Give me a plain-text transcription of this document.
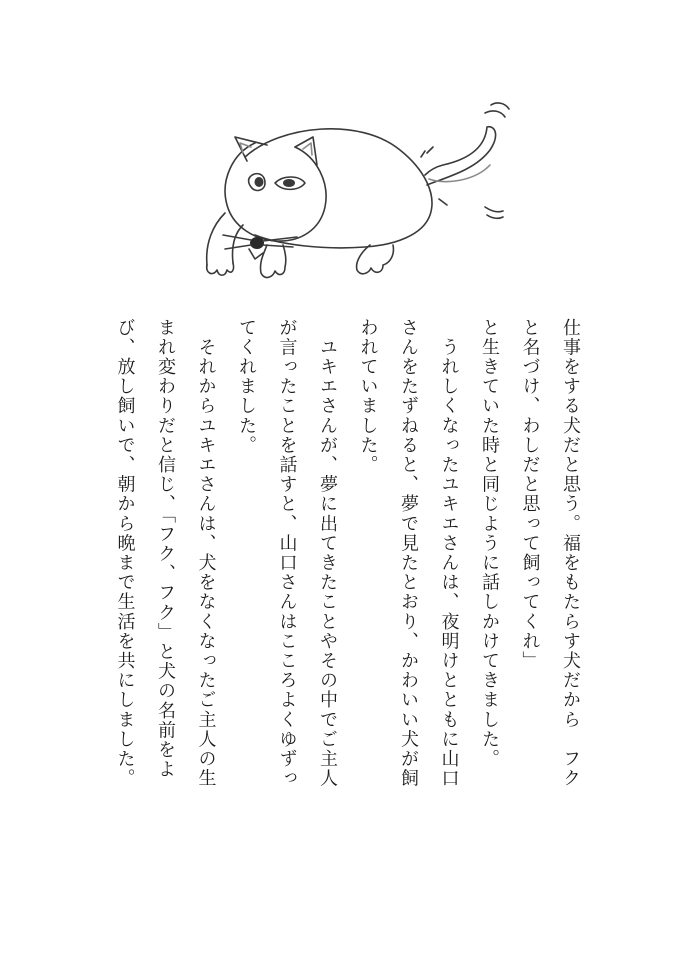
仕事をする犬だと思う。福をもたらす犬だから　フク
と名づけ、わしだと思って飼ってくれ」
と生きていた時と同じように話しかけてきました。
　うれしくなったユキエさんは、夜明けとともに山口
さんをたずねると、夢で見たとおり、かわいい犬が飼
われていました。
　ユキエさんが、夢に出てきたことやその中でご主人
が言ったことを話すと、山口さんはこころよくゆずっ
てくれました。
　それからユキエさんは、犬をなくなったご主人の生
まれ変わりだと信じ、「フク、フク」と犬の名前をよ
び、放し飼いで、朝から晩まで生活を共にしました。
